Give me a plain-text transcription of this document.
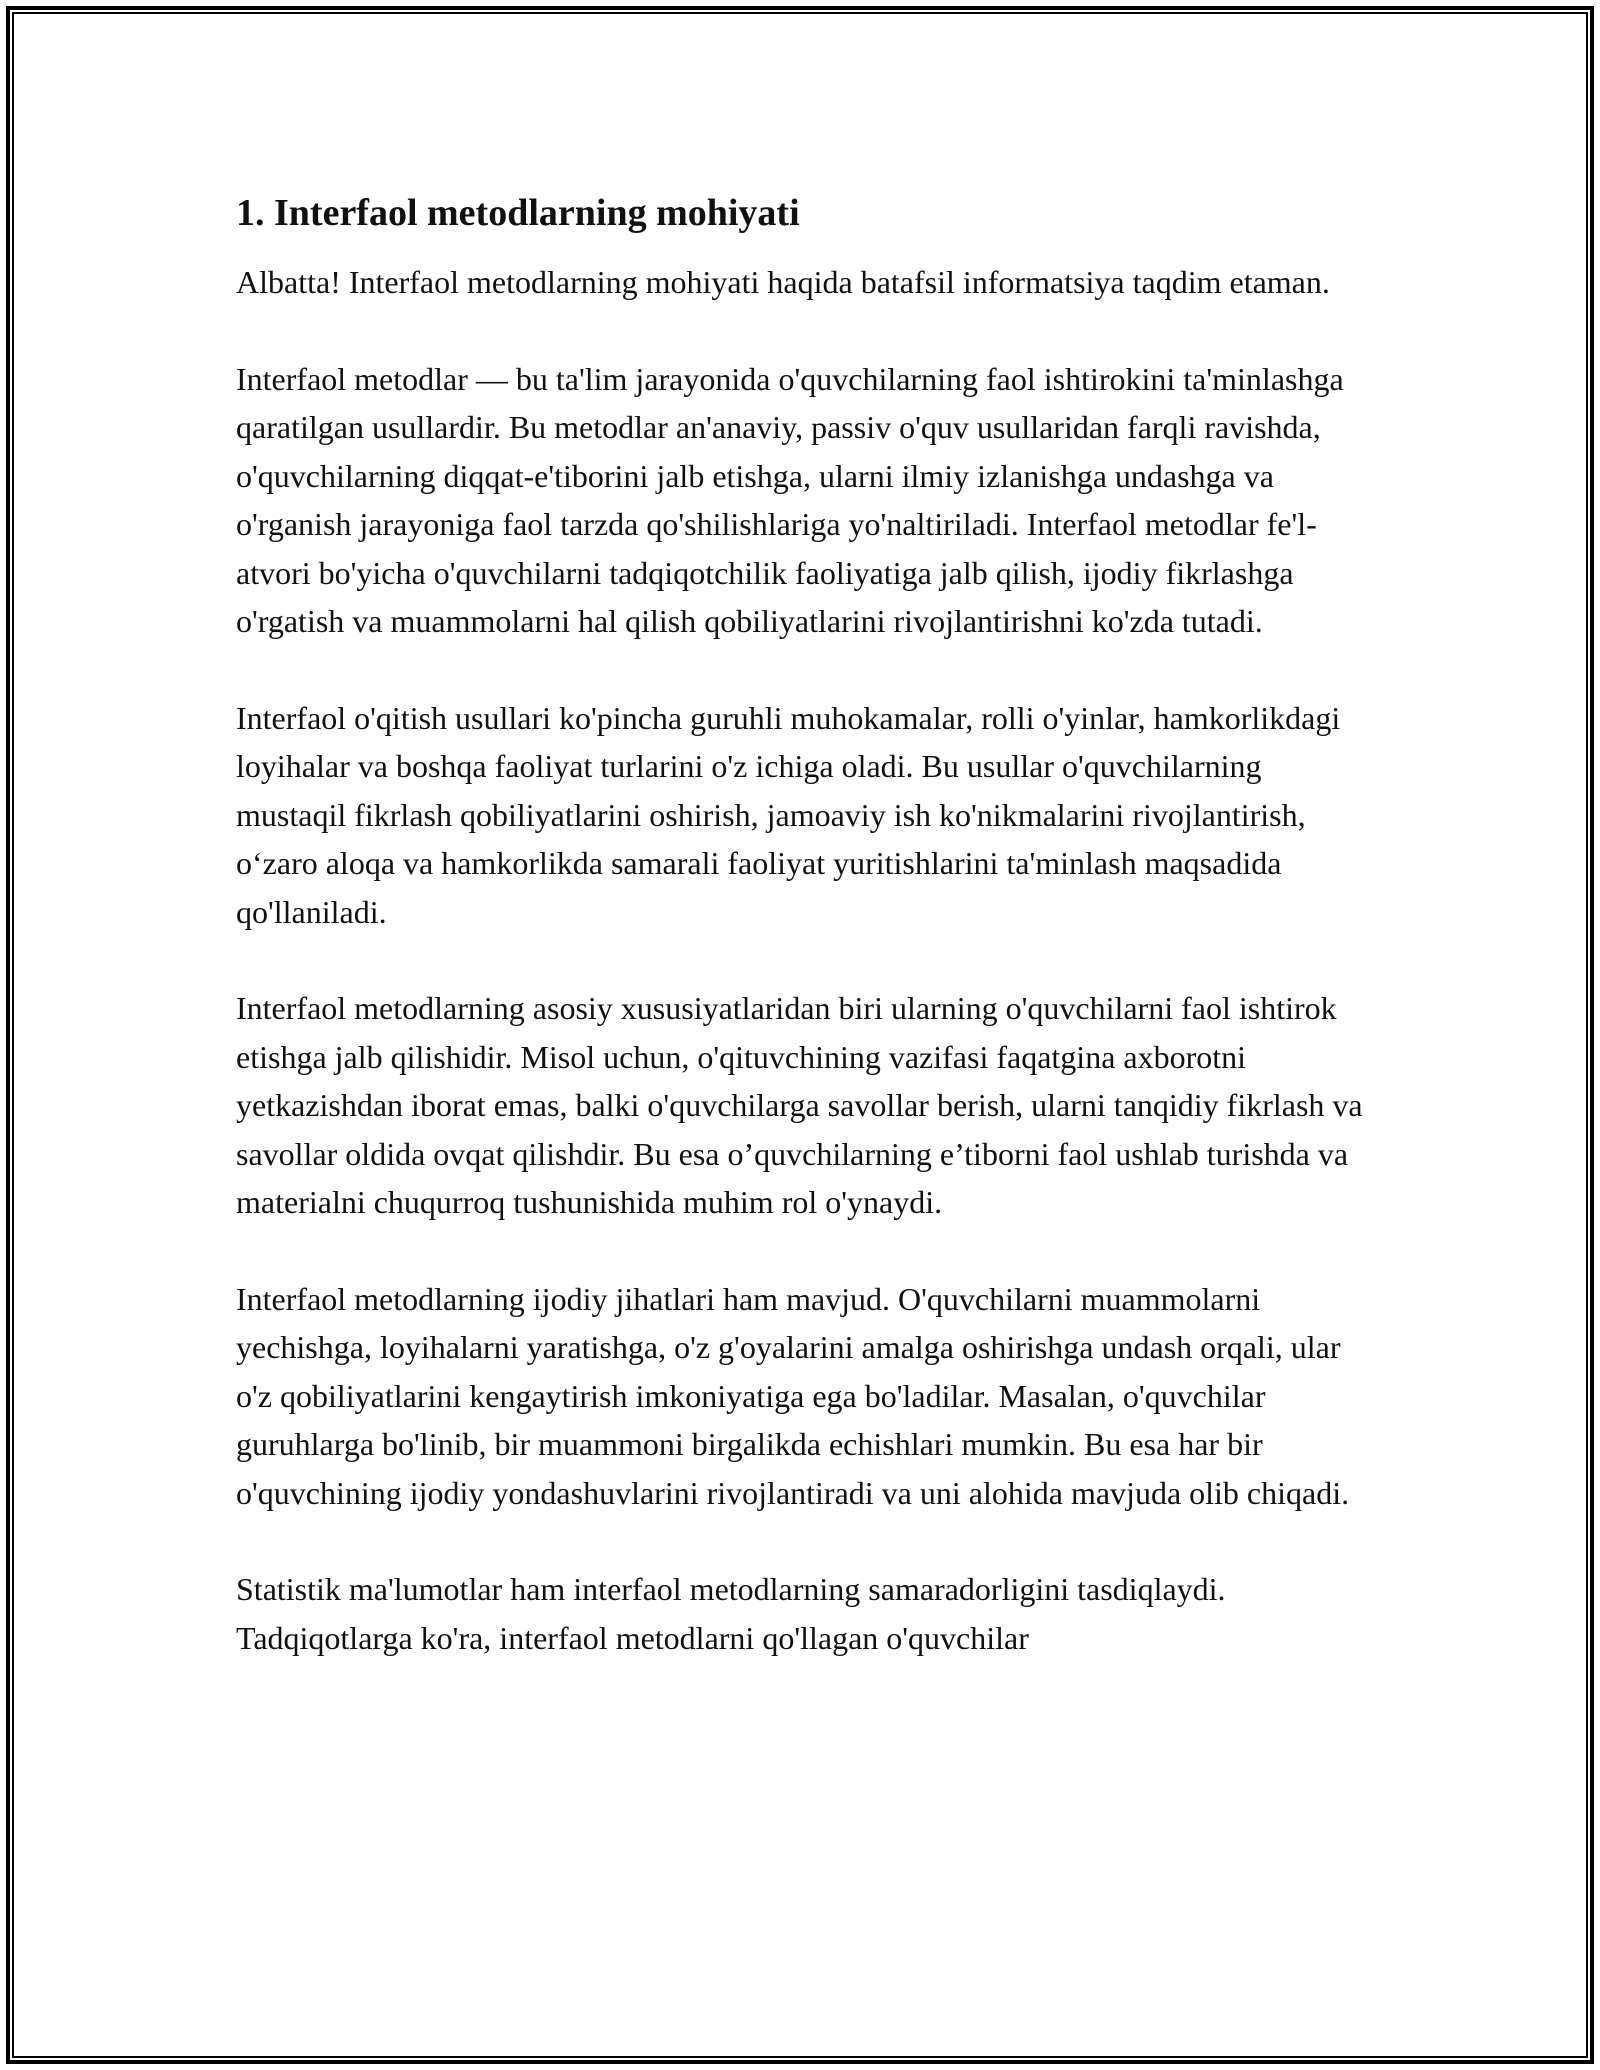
1. Interfaol metodlarning mohiyati

Albatta! Interfaol metodlarning mohiyati haqida batafsil informatsiya taqdim etaman.

Interfaol metodlar — bu ta'lim jarayonida o'quvchilarning faol ishtirokini ta'minlashga qaratilgan usullardir. Bu metodlar an'anaviy, passiv o'quv usullaridan farqli ravishda, o'quvchilarning diqqat-e'tiborini jalb etishga, ularni ilmiy izlanishga undashga va o'rganish jarayoniga faol tarzda qo'shilishlariga yo'naltiriladi. Interfaol metodlar fe'l-atvori bo'yicha o'quvchilarni tadqiqotchilik faoliyatiga jalb qilish, ijodiy fikrlashga o'rgatish va muammolarni hal qilish qobiliyatlarini rivojlantirishni ko'zda tutadi.

Interfaol o'qitish usullari ko'pincha guruhli muhokamalar, rolli o'yinlar, hamkorlikdagi loyihalar va boshqa faoliyat turlarini o'z ichiga oladi. Bu usullar o'quvchilarning mustaqil fikrlash qobiliyatlarini oshirish, jamoaviy ish ko'nikmalarini rivojlantirish, o‘zaro aloqa va hamkorlikda samarali faoliyat yuritishlarini ta'minlash maqsadida qo'llaniladi.

Interfaol metodlarning asosiy xususiyatlaridan biri ularning o'quvchilarni faol ishtirok etishga jalb qilishidir. Misol uchun, o'qituvchining vazifasi faqatgina axborotni yetkazishdan iborat emas, balki o'quvchilarga savollar berish, ularni tanqidiy fikrlash va savollar oldida ovqat qilishdir. Bu esa o’quvchilarning e’tiborni faol ushlab turishda va materialni chuqurroq tushunishida muhim rol o'ynaydi.

Interfaol metodlarning ijodiy jihatlari ham mavjud. O'quvchilarni muammolarni yechishga, loyihalarni yaratishga, o'z g'oyalarini amalga oshirishga undash orqali, ular o'z qobiliyatlarini kengaytirish imkoniyatiga ega bo'ladilar. Masalan, o'quvchilar guruhlarga bo'linib, bir muammoni birgalikda echishlari mumkin. Bu esa har bir o'quvchining ijodiy yondashuvlarini rivojlantiradi va uni alohida mavjuda olib chiqadi.

Statistik ma'lumotlar ham interfaol metodlarning samaradorligini tasdiqlaydi. Tadqiqotlarga ko'ra, interfaol metodlarni qo'llagan o'quvchilar
